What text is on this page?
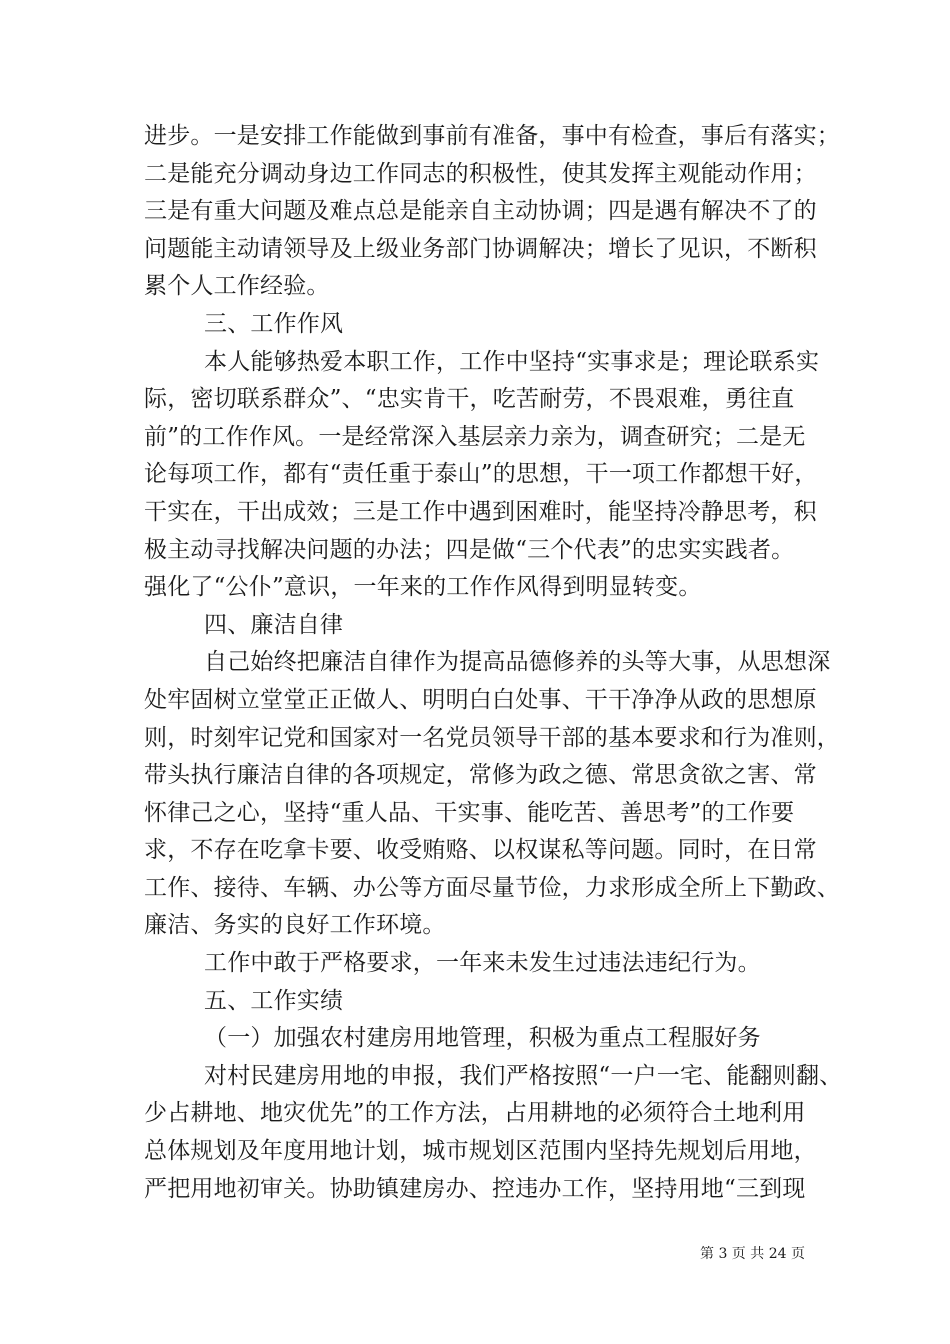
进步。一是安排工作能做到事前有准备，事中有检查，事后有落实；
二是能充分调动身边工作同志的积极性，使其发挥主观能动作用；
三是有重大问题及难点总是能亲自主动协调；四是遇有解决不了的
问题能主动请领导及上级业务部门协调解决；增长了见识，不断积
累个人工作经验。
三、工作作风
本人能够热爱本职工作，工作中坚持“实事求是；理论联系实
际，密切联系群众”、“忠实肯干，吃苦耐劳，不畏艰难，勇往直
前”的工作作风。一是经常深入基层亲力亲为，调查研究；二是无
论每项工作，都有“责任重于泰山”的思想，干一项工作都想干好，
干实在，干出成效；三是工作中遇到困难时，能坚持冷静思考，积
极主动寻找解决问题的办法；四是做“三个代表”的忠实实践者。
强化了“公仆”意识，一年来的工作作风得到明显转变。
四、廉洁自律
自己始终把廉洁自律作为提高品德修养的头等大事，从思想深
处牢固树立堂堂正正做人、明明白白处事、干干净净从政的思想原
则，时刻牢记党和国家对一名党员领导干部的基本要求和行为准则，
带头执行廉洁自律的各项规定，常修为政之德、常思贪欲之害、常
怀律己之心，坚持“重人品、干实事、能吃苦、善思考”的工作要
求，不存在吃拿卡要、收受贿赂、以权谋私等问题。同时，在日常
工作、接待、车辆、办公等方面尽量节俭，力求形成全所上下勤政、
廉洁、务实的良好工作环境。
工作中敢于严格要求，一年来未发生过违法违纪行为。
五、工作实绩
（一）加强农村建房用地管理，积极为重点工程服好务
对村民建房用地的申报，我们严格按照“一户一宅、能翻则翻、
少占耕地、地灾优先”的工作方法，占用耕地的必须符合土地利用
总体规划及年度用地计划，城市规划区范围内坚持先规划后用地，
严把用地初审关。协助镇建房办、控违办工作，坚持用地“三到现
第 3 页 共 24 页
